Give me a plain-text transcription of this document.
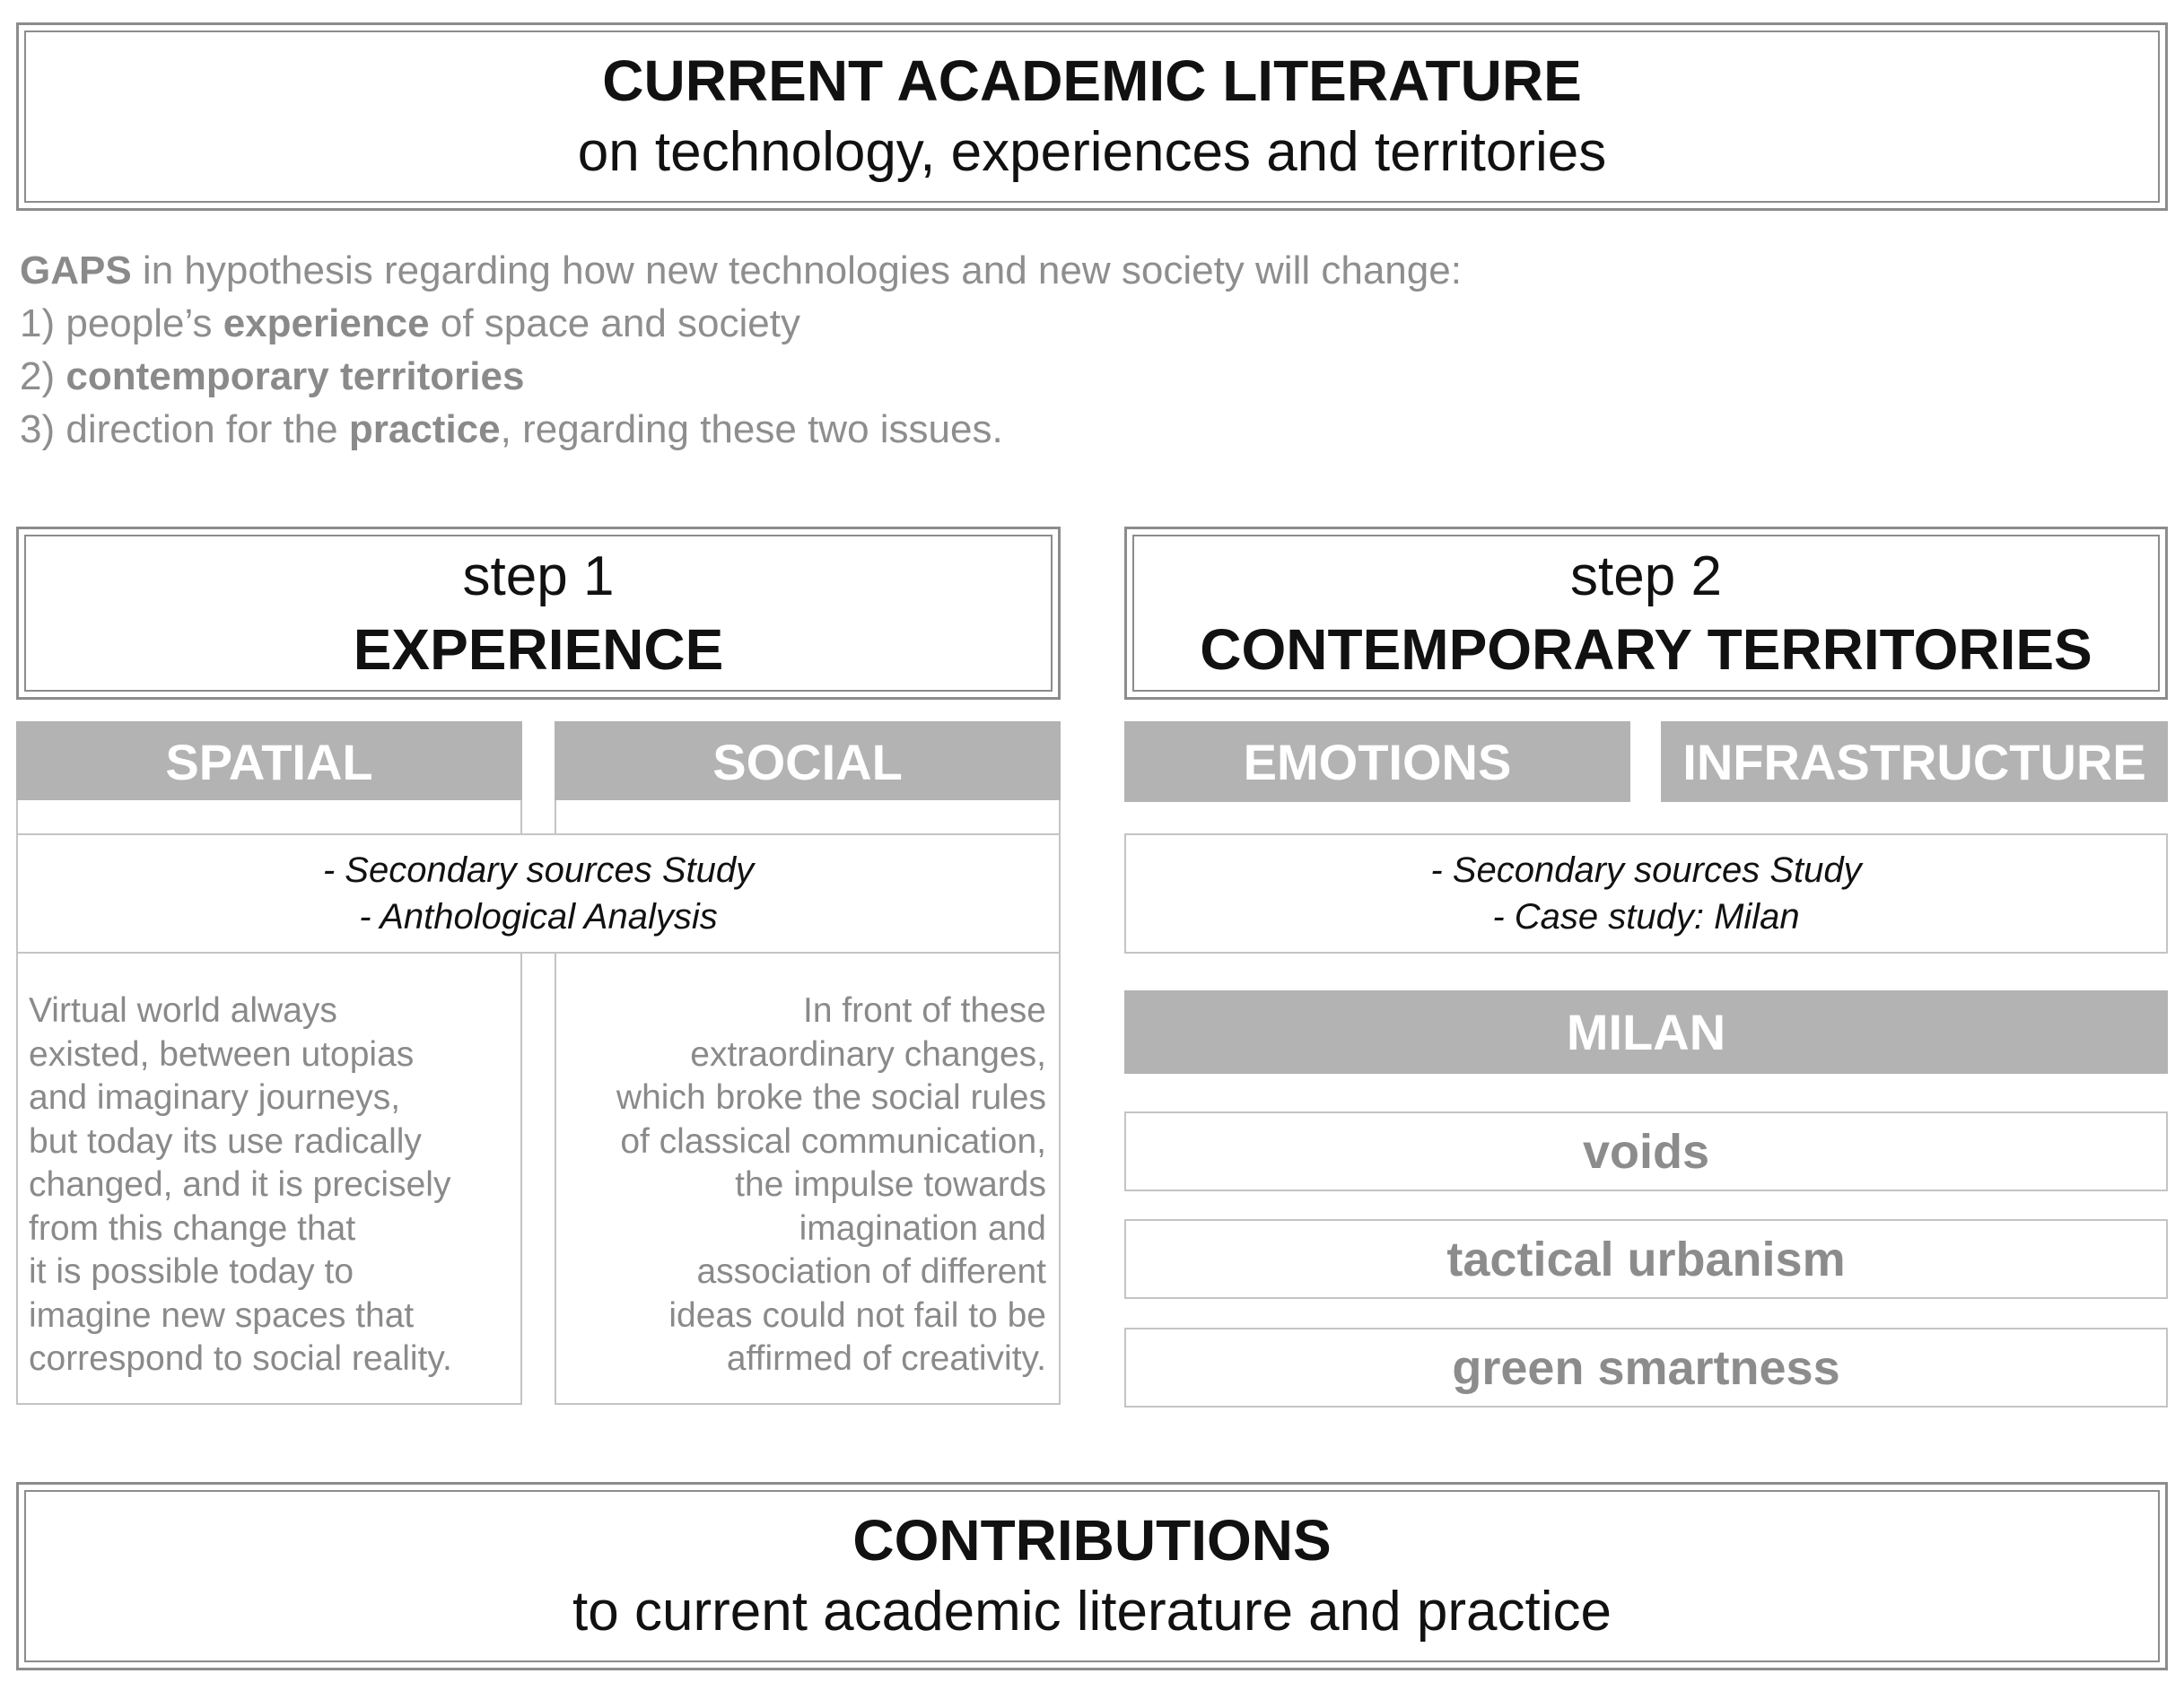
CURRENT ACADEMIC LITERATURE
on technology, experiences and territories
GAPS in hypothesis regarding how new technologies and new society will change:
1) people’s experience of space and society
2) contemporary territories
3) direction for the practice, regarding these two issues.
step 1
EXPERIENCE
step 2
CONTEMPORARY TERRITORIES
SPATIAL	SOCIAL	EMOTIONS	INFRASTRUCTURE
- Secondary sources Study
- Anthological Analysis
- Secondary sources Study
- Case study: Milan
Virtual world always
existed, between utopias
and imaginary journeys,
but today its use radically
changed, and it is precisely
from this change that
it is possible today to
imagine new spaces that
correspond to social reality.
In front of these
extraordinary changes,
which broke the social rules
of classical communication,
the impulse towards
imagination and
association of different
ideas could not fail to be
affirmed of creativity.
MILAN
voids
tactical urbanism
green smartness
CONTRIBUTIONS
to current academic literature and practice
